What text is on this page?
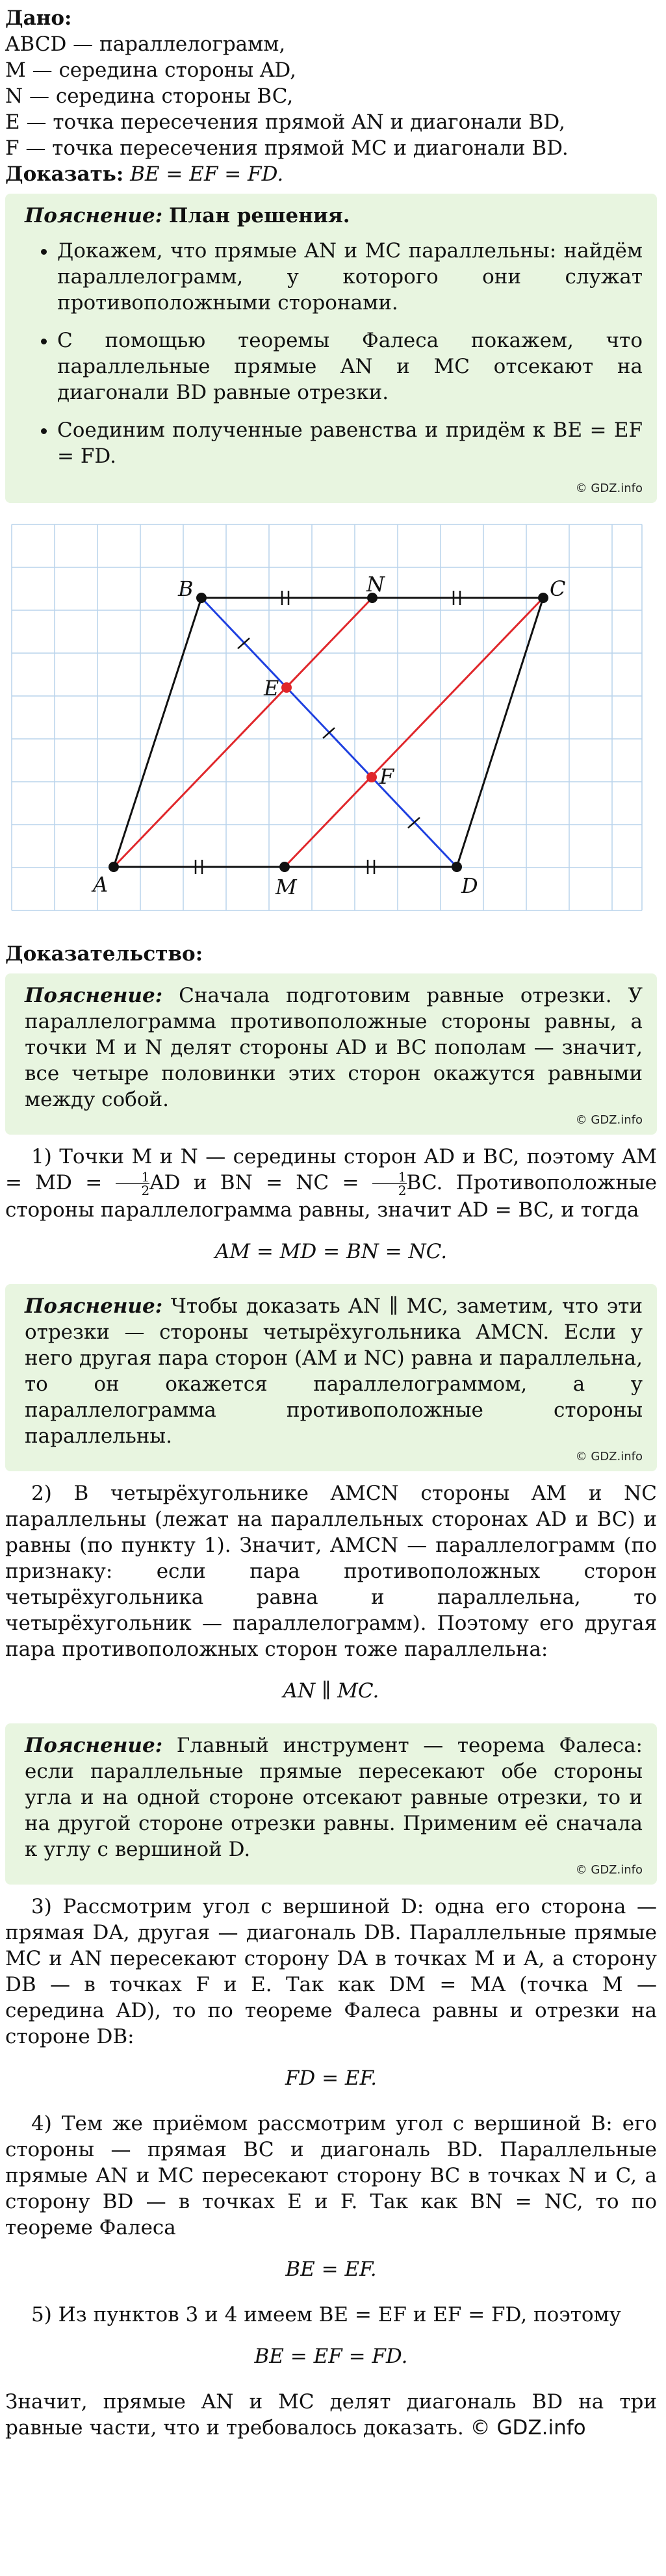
Дано:

ABCD — параллелограмм,

M — середина стороны AD,

N — середина стороны BC,

E — точка пересечения прямой AN и диагонали BD,

F — точка пересечения прямой MC и диагонали BD.

Доказать: BE = EF = FD.

Пояснение: План решения.
• Докажем, что прямые AN и MC параллельны: найдём параллелограмм, у которого они служат противоположными сторонами.
• С помощью теоремы Фалеса покажем, что параллельные прямые AN и MC отсекают на диагонали BD равные отрезки.
• Соединим полученные равенства и придём к BE = EF = FD.
© GDZ.info
A
B	C
D
M
N
E
F
Доказательство:
Пояснение: Сначала подготовим равные отрезки. У параллелограмма противоположные стороны равны, а точки M и N делят стороны AD и BC пополам — значит, все четыре половинки этих сторон окажутся равными между собой.
© GDZ.info
1) Точки M и N — середины сторон AD и BC, поэтому AM = MD = $\frac{1}{2}$ AD и BN = NC = $\frac{1}{2}$ BC. Противоположные стороны параллелограмма равны, значит AD = BC, и тогда
AM = MD = BN = NC.
Пояснение: Чтобы доказать AN ∥ MC, заметим, что эти отрезки — стороны четырёхугольника AMCN. Если у него другая пара сторон (AM и NC) равна и параллельна, то он окажется параллелограммом, а у параллелограмма противоположные стороны параллельны.
© GDZ.info
2) В четырёхугольнике AMCN стороны AM и NC параллельны (лежат на параллельных сторонах AD и BC) и равны (по пункту 1). Значит, AMCN — параллелограмм (по признаку: если пара противоположных сторон четырёхугольника равна и параллельна, то четырёхугольник — параллелограмм). Поэтому его другая пара противоположных сторон тоже параллельна:
AN ∥ MC.
Пояснение: Главный инструмент — теорема Фалеса: если параллельные прямые пересекают обе стороны угла и на одной стороне отсекают равные отрезки, то и на другой стороне отрезки равны. Применим её сначала к углу с вершиной D.
© GDZ.info
3) Рассмотрим угол с вершиной D: одна его сторона — прямая DA, другая — диагональ DB. Параллельные прямые MC и AN пересекают сторону DA в точках M и A, а сторону DB — в точках F и E. Так как DM = MA (точка M — середина AD), то по теореме Фалеса равны и отрезки на стороне DB:
FD = EF.
4) Тем же приёмом рассмотрим угол с вершиной B: его стороны — прямая BC и диагональ BD. Параллельные прямые AN и MC пересекают сторону BC в точках N и C, а сторону BD — в точках E и F. Так как BN = NC, то по теореме Фалеса
BE = EF.
5) Из пунктов 3 и 4 имеем BE = EF и EF = FD, поэтому
BE = EF = FD.
Значит, прямые AN и MC делят диагональ BD на три равные части, что и требовалось доказать. © GDZ.info
